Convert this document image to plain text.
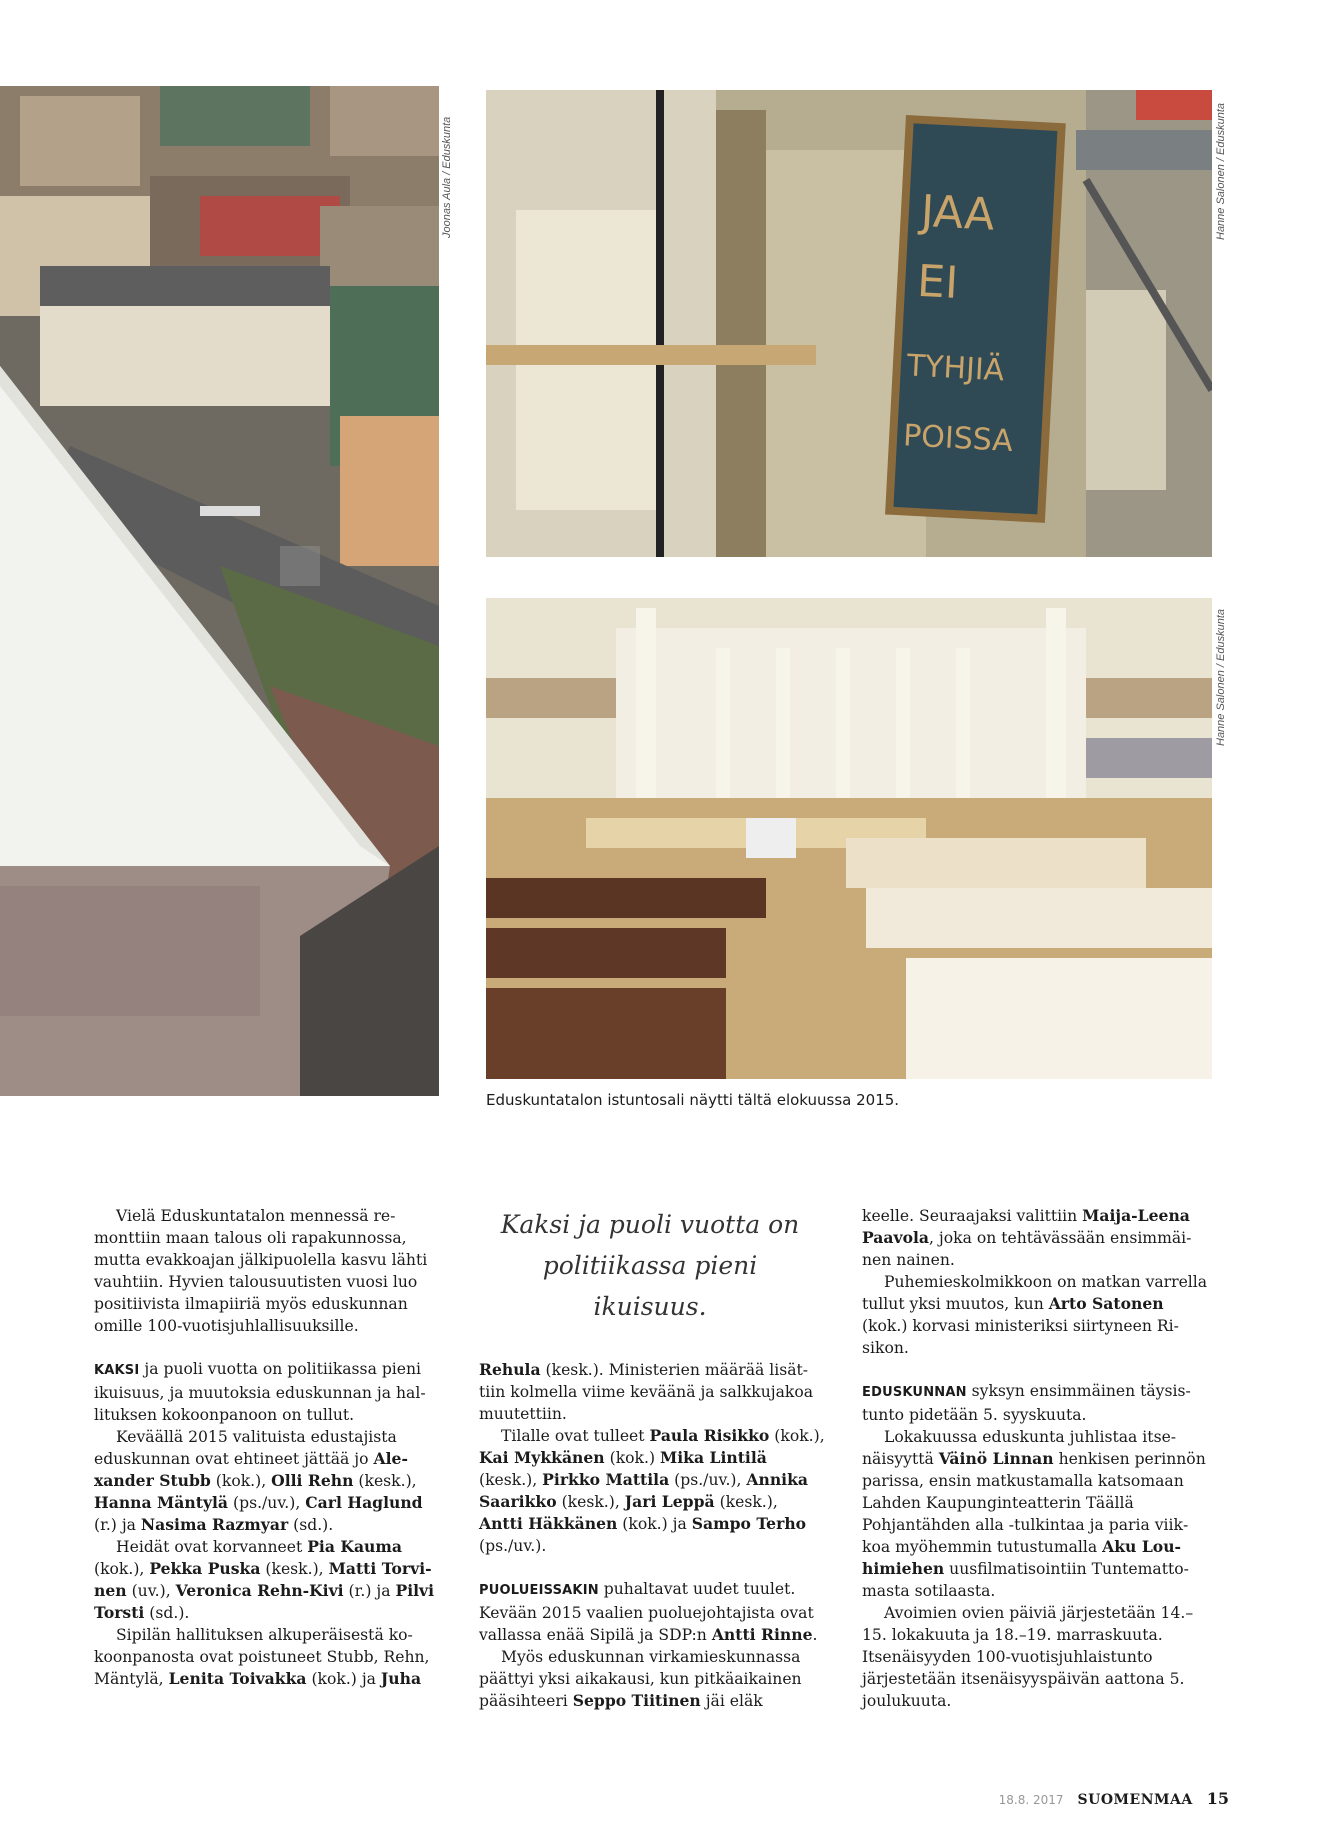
Joonas Aula / Eduskunta	JAA
EI
TYHJIÄ
POISSA
Hanne Salonen / Eduskunta
Hanne Salonen / Eduskunta
Eduskuntatalon istuntosali näytti tältä elokuussa 2015.

Vielä Eduskuntatalon mennessä remonttiin maan talous oli rapakunnossa, mutta evakkoajan jälkipuolella kasvu lähti vauhtiin. Hyvien talousuutisten vuosi luo positiivista ilmapiiriä myös eduskunnan omille 100-vuotisjuhlallisuuksille.

KAKSI ja puoli vuotta on politiikassa pieni ikuisuus, ja muutoksia eduskunnan ja hallituksen kokoonpanoon on tullut.

Keväällä 2015 valituista edustajista eduskunnan ovat ehtineet jättää jo Alexander Stubb (kok.), Olli Rehn (kesk.), Hanna Mäntylä (ps./uv.), Carl Haglund (r.) ja Nasima Razmyar (sd.).

Heidät ovat korvanneet Pia Kauma (kok.), Pekka Puska (kesk.), Matti Torvinen (uv.), Veronica Rehn-Kivi (r.) ja Pilvi Torsti (sd.).

Sipilän hallituksen alkuperäisestä kokoonpanosta ovat poistuneet Stubb, Rehn, Mäntylä, Lenita Toivakka (kok.) ja Juha

Kaksi ja puoli vuotta on politiikassa pieni ikuisuus.

Rehula (kesk.). Ministerien määrää lisättiin kolmella viime keväänä ja salkkujakoa muutettiin.

Tilalle ovat tulleet Paula Risikko (kok.), Kai Mykkänen (kok.) Mika Lintilä (kesk.), Pirkko Mattila (ps./uv.), Annika Saarikko (kesk.), Jari Leppä (kesk.), Antti Häkkänen (kok.) ja Sampo Terho (ps./uv.).

PUOLUEISSAKIN puhaltavat uudet tuulet. Kevään 2015 vaalien puoluejohtajista ovat vallassa enää Sipilä ja SDP:n Antti Rinne.

Myös eduskunnan virkamieskunnassa päättyi yksi aikakausi, kun pitkäaikainen pääsihteeri Seppo Tiitinen jäi eläk

keelle. Seuraajaksi valittiin Maija-Leena Paavola, joka on tehtävässään ensimmäinen nainen.

Puhemieskolmikkoon on matkan varrella tullut yksi muutos, kun Arto Satonen (kok.) korvasi ministeriksi siirtyneen Risikon.

EDUSKUNNAN syksyn ensimmäinen täysistunto pidetään 5. syyskuuta.

Lokakuussa eduskunta juhlistaa itsenäisyyttä Väinö Linnan henkisen perinnön parissa, ensin matkustamalla katsomaan Lahden Kaupunginteatterin Täällä Pohjantähden alla -tulkintaa ja paria viikkoa myöhemmin tutustumalla Aku Louhimiehen uusfilmatisointiin Tuntemattomasta sotilaasta.

Avoimien ovien päiviä järjestetään 14.–15. lokakuuta ja 18.–19. marraskuuta. Itsenäisyyden 100-vuotisjuhlaistunto järjestetään itsenäisyyspäivän aattona 5. joulukuuta.

18.8. 2017 SUOMENMAA 15
